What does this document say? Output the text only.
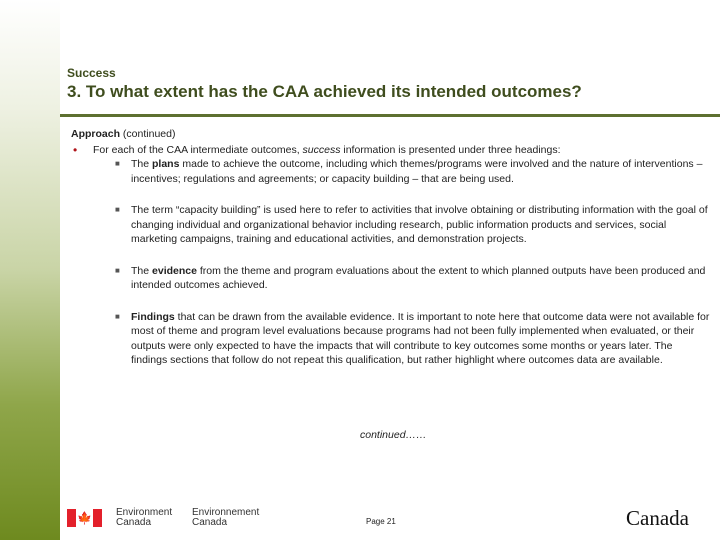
Success
3. To what extent has the CAA achieved its intended outcomes?
Approach (continued)
• For each of the CAA intermediate outcomes, success information is presented under three headings:
■ The plans made to achieve the outcome, including which themes/programs were involved and the nature of interventions – incentives; regulations and agreements; or capacity building – that are being used.
■ The term “capacity building” is used here to refer to activities that involve obtaining or distributing information with the goal of changing individual and organizational behavior including research, public information products and services, social marketing campaigns, training and educational activities, and demonstration projects.
■ The evidence from the theme and program evaluations about the extent to which planned outputs have been produced and intended outcomes achieved.
■ Findings that can be drawn from the available evidence. It is important to note here that outcome data were not available for most of theme and program level evaluations because programs had not been fully implemented when evaluated, or their outputs were only expected to have the impacts that will contribute to key outcomes some months or years later. The findings sections that follow do not repeat this qualification, but rather highlight where outcomes data are available.
continued……
🍁 Environment
Canada
Environnement
Canada	Page 21	Canada
